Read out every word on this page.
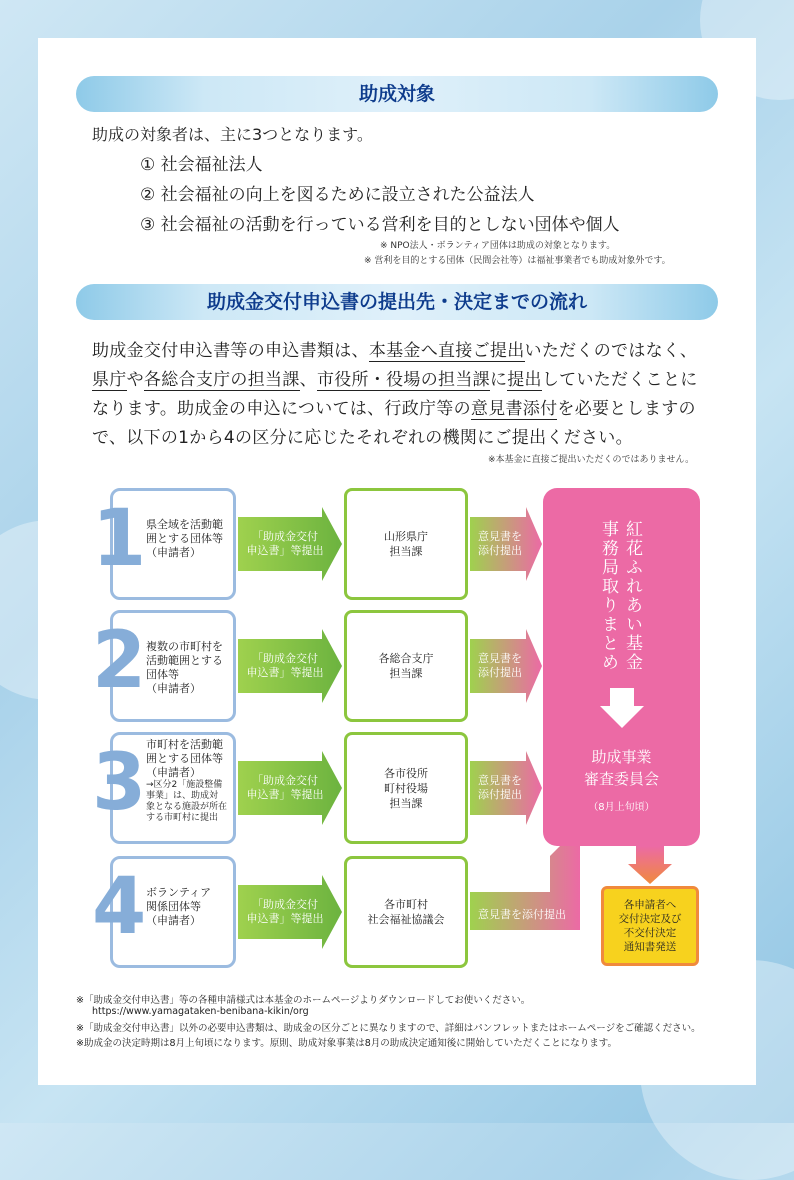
助成対象
助成の対象者は、主に3つとなります。
① 社会福祉法人
② 社会福祉の向上を図るために設立された公益法人
③ 社会福祉の活動を行っている営利を目的としない団体や個人
※ NPO法人・ボランティア団体は助成の対象となります。
※ 営利を目的とする団体（民間会社等）は福祉事業者でも助成対象外です。
助成金交付申込書の提出先・決定までの流れ
助成金交付申込書等の申込書類は、本基金へ直接ご提出いただくのではなく、
県庁や各総合支庁の担当課、市役所・役場の担当課に提出していただくことに
なります。助成金の申込については、行政庁等の意見書添付を必要としますの
で、以下の1から4の区分に応じたそれぞれの機関にご提出ください。
※本基金に直接ご提出いただくのではありません。
1 県全域を活動範
囲とする団体等
（申請者）
「助成金交付
申込書」等提出
山形県庁
担当課
意見書を
添付提出
2 複数の市町村を
活動範囲とする
団体等
（申請者）
「助成金交付
申込書」等提出
各総合支庁
担当課
意見書を
添付提出
3 市町村を活動範
囲とする団体等
（申請者）
→区分2「施設整備
事業」は、助成対
象となる施設が所在
する市町村に提出
「助成金交付
申込書」等提出
各市役所
町村役場
担当課
意見書を
添付提出
4 ボランティア
関係団体等
（申請者）
「助成金交付
申込書」等提出
各市町村
社会福祉協議会	意見書を添付提出
紅花ふれあい基金
事務局取りまとめ
助成事業
審査委員会
（8月上旬頃）
各申請者へ
交付決定及び
不交付決定
通知書発送
※「助成金交付申込書」等の各種申請様式は本基金のホームページよりダウンロードしてお使いください。
https://www.yamagataken-benibana-kikin/org
※「助成金交付申込書」以外の必要申込書類は、助成金の区分ごとに異なりますので、詳細はパンフレットまたはホームページをご確認ください。
※助成金の決定時期は8月上旬頃になります。原則、助成対象事業は8月の助成決定通知後に開始していただくことになります。
